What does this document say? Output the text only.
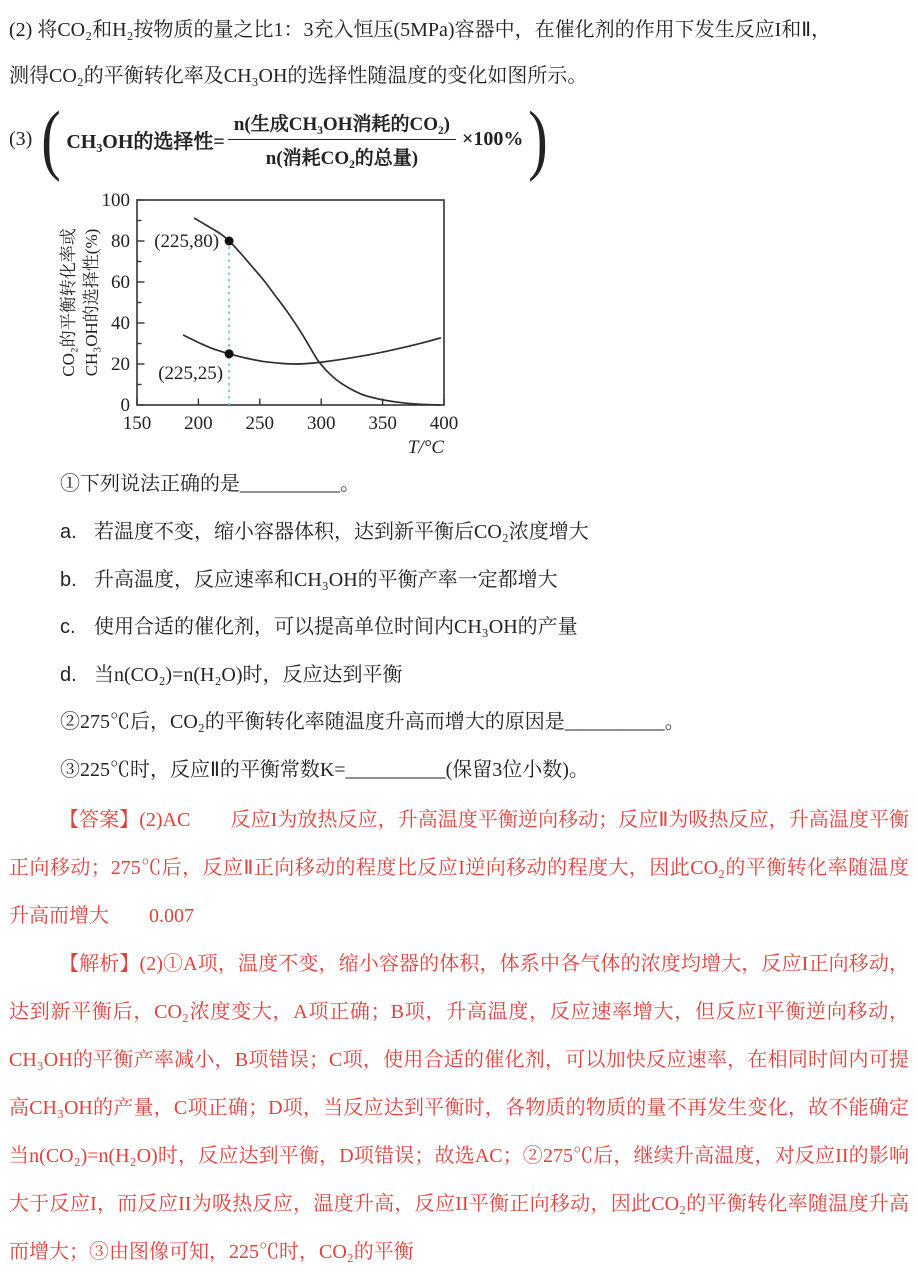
(2) 将CO₂和H₂按物质的量之比1：3充入恒压(5MPa)容器中，在催化剂的作用下发生反应I和Ⅱ，
测得CO₂的平衡转化率及CH₃OH的选择性随温度的变化如图所示。
(3) ( CH₃OH的选择性= $\frac{\text{n(生成CH₃OH消耗的CO₂)}}{\text{n(消耗CO₂的总量)}} \times 100\%$ )
150 200 250 300 350 400
0
20
40
60
80
100
CO₂的平衡转化率或 CH₃OH的选择性(%)
T/°C
(225,80)
(225,25)
①下列说法正确的是__________。
a. 若温度不变，缩小容器体积，达到新平衡后CO₂浓度增大
b. 升高温度，反应速率和CH₃OH的平衡产率一定都增大
c. 使用合适的催化剂，可以提高单位时间内CH₃OH的产量
d. 当n(CO₂)=n(H₂O)时，反应达到平衡
②275℃后，CO₂的平衡转化率随温度升高而增大的原因是__________。
③225℃时，反应Ⅱ的平衡常数K=__________(保留3位小数)。
【答案】(2)AC　　反应I为放热反应，升高温度平衡逆向移动；反应Ⅱ为吸热反应，升高温度平衡正向移动；275℃后，反应Ⅱ正向移动的程度比反应I逆向移动的程度大，因此CO₂的平衡转化率随温度升高而增大　　0.007
【解析】(2)①A项，温度不变，缩小容器的体积，体系中各气体的浓度均增大，反应I正向移动，达到新平衡后，CO₂浓度变大，A项正确；B项，升高温度，反应速率增大，但反应I平衡逆向移动，CH₃OH的平衡产率减小，B项错误；C项，使用合适的催化剂，可以加快反应速率，在相同时间内可提高CH₃OH的产量，C项正确；D项，当反应达到平衡时，各物质的物质的量不再发生变化，故不能确定当n(CO₂)=n(H₂O)时，反应达到平衡，D项错误；故选AC；②275℃后，继续升高温度，对反应II的影响大于反应I，而反应II为吸热反应，温度升高，反应II平衡正向移动，因此CO₂的平衡转化率随温度升高而增大；③由图像可知，225℃时，CO₂的平衡
